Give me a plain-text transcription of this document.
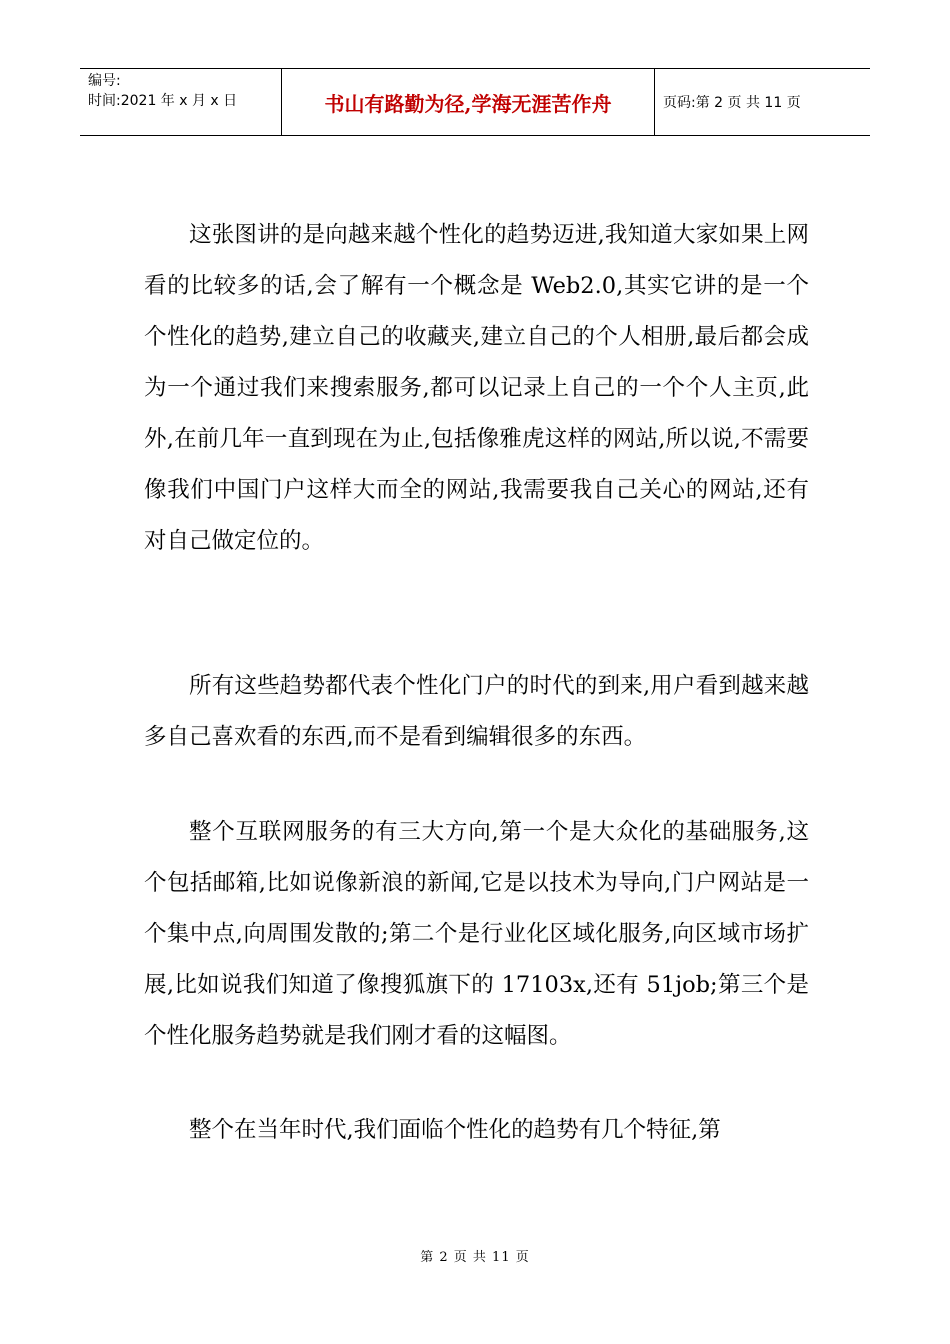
编号:
时间:2021 年 x 月 x 日	书山有路勤为径,学海无涯苦作舟	页码:第 2 页 共 11 页

这张图讲的是向越来越个性化的趋势迈进,我知道大家如果上网看的比较多的话,会了解有一个概念是 Web2.0,其实它讲的是一个个性化的趋势,建立自己的收藏夹,建立自己的个人相册,最后都会成为一个通过我们来搜索服务,都可以记录上自己的一个个人主页,此外,在前几年一直到现在为止,包括像雅虎这样的网站,所以说,不需要像我们中国门户这样大而全的网站,我需要我自己关心的网站,还有对自己做定位的。

所有这些趋势都代表个性化门户的时代的到来,用户看到越来越多自己喜欢看的东西,而不是看到编辑很多的东西。

整个互联网服务的有三大方向,第一个是大众化的基础服务,这个包括邮箱,比如说像新浪的新闻,它是以技术为导向,门户网站是一个集中点,向周围发散的;第二个是行业化区域化服务,向区域市场扩展,比如说我们知道了像搜狐旗下的 17103x,还有 51job;第三个是个性化服务趋势就是我们刚才看的这幅图。

整个在当年时代,我们面临个性化的趋势有几个特征,第

第 2 页 共 11 页
